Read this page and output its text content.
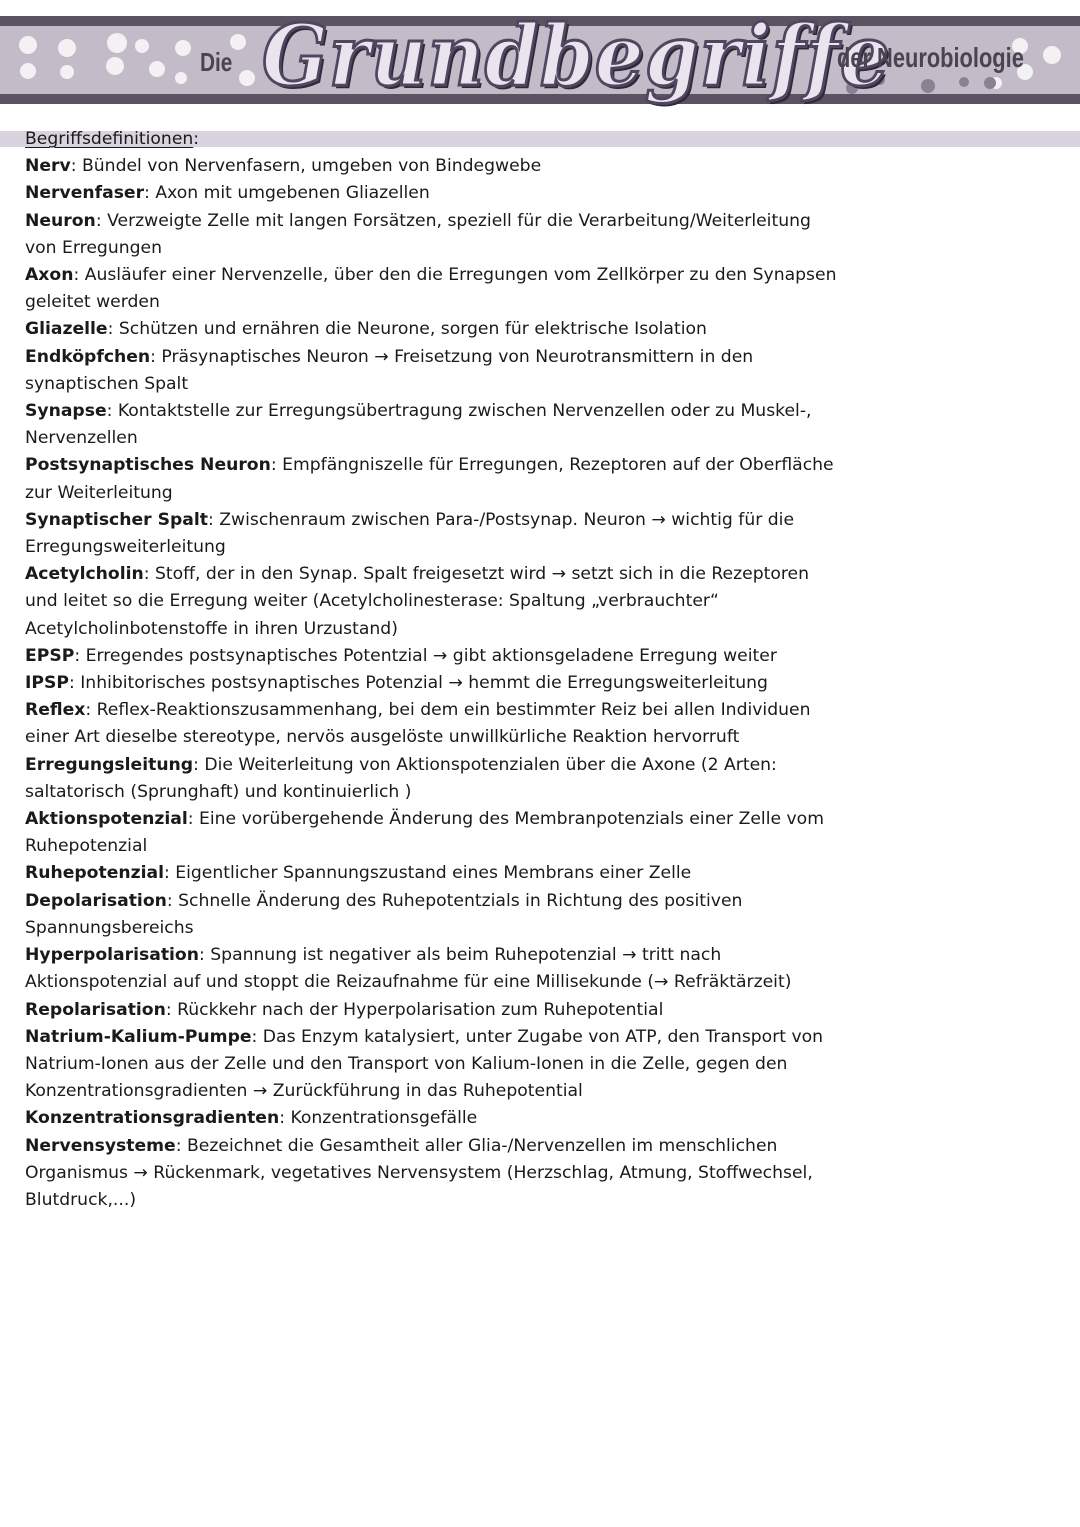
Die Grundbegriffe
der Neurobiologie
Begriffsdefinitionen:

Nerv: Bündel von Nervenfasern, umgeben von Bindegwebe

Nervenfaser: Axon mit umgebenen Gliazellen

Neuron: Verzweigte Zelle mit langen Forsätzen, speziell für die Verarbeitung/Weiterleitung von Erregungen

Axon: Ausläufer einer Nervenzelle, über den die Erregungen vom Zellkörper zu den Synapsen geleitet werden

Gliazelle: Schützen und ernähren die Neurone, sorgen für elektrische Isolation

Endköpfchen: Präsynaptisches Neuron → Freisetzung von Neurotransmittern in den synaptischen Spalt

Synapse: Kontaktstelle zur Erregungsübertragung zwischen Nervenzellen oder zu Muskel-, Nervenzellen

Postsynaptisches Neuron: Empfängniszelle für Erregungen, Rezeptoren auf der Oberfläche zur Weiterleitung

Synaptischer Spalt: Zwischenraum zwischen Para-/Postsynap. Neuron → wichtig für die Erregungsweiterleitung

Acetylcholin: Stoff, der in den Synap. Spalt freigesetzt wird → setzt sich in die Rezeptoren und leitet so die Erregung weiter (Acetylcholinesterase: Spaltung „verbrauchter“ Acetylcholinbotenstoffe in ihren Urzustand)

EPSP: Erregendes postsynaptisches Potentzial → gibt aktionsgeladene Erregung weiter

IPSP: Inhibitorisches postsynaptisches Potenzial → hemmt die Erregungsweiterleitung

Reflex: Reflex-Reaktionszusammenhang, bei dem ein bestimmter Reiz bei allen Individuen einer Art dieselbe stereotype, nervös ausgelöste unwillkürliche Reaktion hervorruft

Erregungsleitung: Die Weiterleitung von Aktionspotenzialen über die Axone (2 Arten: saltatorisch (Sprunghaft) und kontinuierlich )

Aktionspotenzial: Eine vorübergehende Änderung des Membranpotenzials einer Zelle vom Ruhepotenzial

Ruhepotenzial: Eigentlicher Spannungszustand eines Membrans einer Zelle

Depolarisation: Schnelle Änderung des Ruhepotentzials in Richtung des positiven Spannungsbereichs

Hyperpolarisation: Spannung ist negativer als beim Ruhepotenzial → tritt nach Aktionspotenzial auf und stoppt die Reizaufnahme für eine Millisekunde (→ Refräktärzeit)

Repolarisation: Rückkehr nach der Hyperpolarisation zum Ruhepotential

Natrium-Kalium-Pumpe: Das Enzym katalysiert, unter Zugabe von ATP, den Transport von Natrium-Ionen aus der Zelle und den Transport von Kalium-Ionen in die Zelle, gegen den Konzentrationsgradienten → Zurückführung in das Ruhepotential

Konzentrationsgradienten: Konzentrationsgefälle

Nervensysteme: Bezeichnet die Gesamtheit aller Glia-/Nervenzellen im menschlichen Organismus → Rückenmark, vegetatives Nervensystem (Herzschlag, Atmung, Stoffwechsel, Blutdruck,...)
